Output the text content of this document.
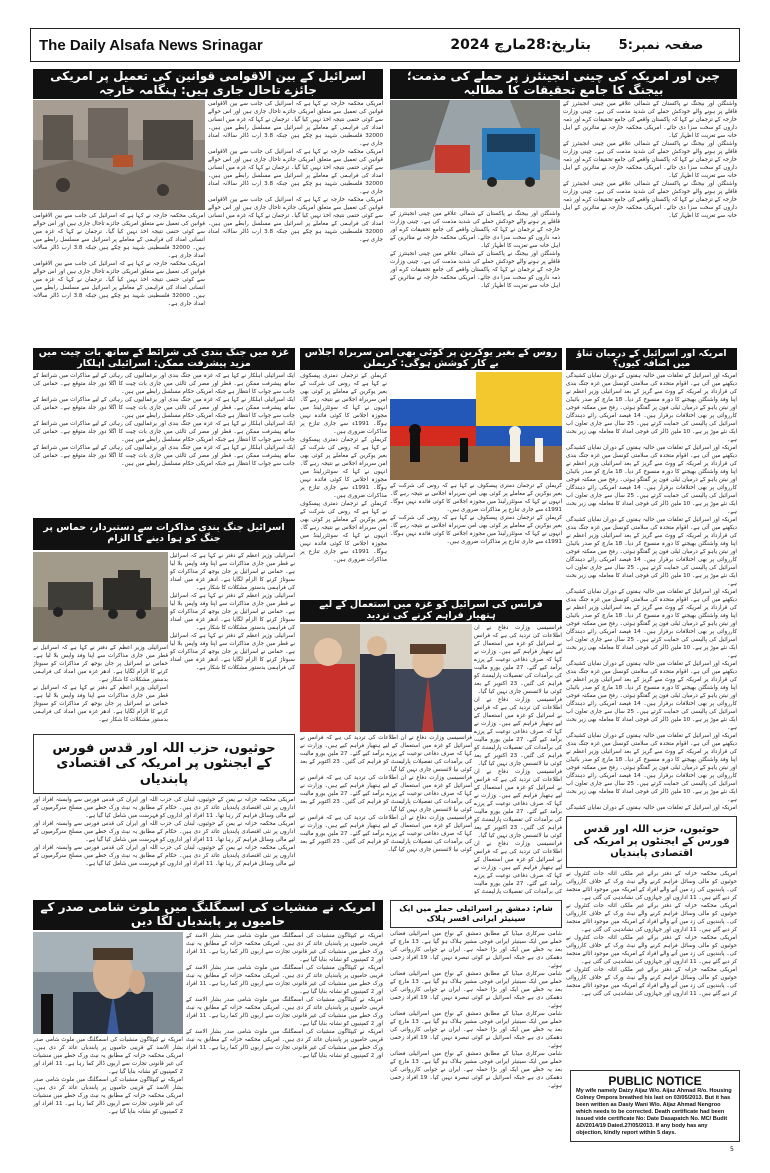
بتاریخ:28مارچ 2024	صفحہ نمبر:5
The Daily Alsafa News Srinagar
اسرائیل کے بین الاقوامی قوانین کی تعمیل پر امریکی جائزے تاحال جاری ہیں: ہنگامہ خارجہ

امریکی محکمہ خارجہ نے کہا ہے کہ اسرائیل کی جانب سے بین الاقوامی قوانین کی تعمیل سے متعلق امریکی جائزے تاحال جاری ہیں اور اس حوالے سے کوئی حتمی نتیجہ اخذ نہیں کیا گیا۔ ترجمان نے کہا کہ غزہ میں انسانی امداد کی فراہمی کے معاملے پر اسرائیل سے مسلسل رابطے میں ہیں۔ 32000 فلسطینی شہید ہو چکے ہیں جبکہ 3.8 ارب ڈالر سالانہ امداد جاری ہے۔

امریکی محکمہ خارجہ نے کہا ہے کہ اسرائیل کی جانب سے بین الاقوامی قوانین کی تعمیل سے متعلق امریکی جائزے تاحال جاری ہیں اور اس حوالے سے کوئی حتمی نتیجہ اخذ نہیں کیا گیا۔ ترجمان نے کہا کہ غزہ میں انسانی امداد کی فراہمی کے معاملے پر اسرائیل سے مسلسل رابطے میں ہیں۔ 32000 فلسطینی شہید ہو چکے ہیں جبکہ 3.8 ارب ڈالر سالانہ امداد جاری ہے۔

امریکی محکمہ خارجہ نے کہا ہے کہ اسرائیل کی جانب سے بین الاقوامی قوانین کی تعمیل سے متعلق امریکی جائزے تاحال جاری ہیں اور اس حوالے سے کوئی حتمی نتیجہ اخذ نہیں کیا گیا۔ ترجمان نے کہا کہ غزہ میں انسانی امداد کی فراہمی کے معاملے پر اسرائیل سے مسلسل رابطے میں ہیں۔ 32000 فلسطینی شہید ہو چکے ہیں جبکہ 3.8 ارب ڈالر سالانہ امداد جاری ہے۔

امریکی محکمہ خارجہ نے کہا ہے کہ اسرائیل کی جانب سے بین الاقوامی قوانین کی تعمیل سے متعلق امریکی جائزے تاحال جاری ہیں اور اس حوالے سے کوئی حتمی نتیجہ اخذ نہیں کیا گیا۔ ترجمان نے کہا کہ غزہ میں انسانی امداد کی فراہمی کے معاملے پر اسرائیل سے مسلسل رابطے میں ہیں۔ 32000 فلسطینی شہید ہو چکے ہیں جبکہ 3.8 ارب ڈالر سالانہ امداد جاری ہے۔

امریکی محکمہ خارجہ نے کہا ہے کہ اسرائیل کی جانب سے بین الاقوامی قوانین کی تعمیل سے متعلق امریکی جائزے تاحال جاری ہیں اور اس حوالے سے کوئی حتمی نتیجہ اخذ نہیں کیا گیا۔ ترجمان نے کہا کہ غزہ میں انسانی امداد کی فراہمی کے معاملے پر اسرائیل سے مسلسل رابطے میں ہیں۔ 32000 فلسطینی شہید ہو چکے ہیں جبکہ 3.8 ارب ڈالر سالانہ امداد جاری ہے۔

چین اور امریکہ کی چینی انجینئرز پر حملے کی مذمت؛ بیجنگ کا جامع تحقیقات کا مطالبہ

واشنگٹن اور بیجنگ نے پاکستان کے شمالی علاقے میں چینی انجینئرز کے قافلے پر ہونے والے خودکش حملے کی شدید مذمت کی ہے۔ چینی وزارت خارجہ کے ترجمان نے کہا کہ پاکستان واقعے کی جامع تحقیقات کرے اور ذمہ داروں کو سخت سزا دی جائے۔ امریکی محکمہ خارجہ نے متاثرین کے اہل خانہ سے تعزیت کا اظہار کیا۔

واشنگٹن اور بیجنگ نے پاکستان کے شمالی علاقے میں چینی انجینئرز کے قافلے پر ہونے والے خودکش حملے کی شدید مذمت کی ہے۔ چینی وزارت خارجہ کے ترجمان نے کہا کہ پاکستان واقعے کی جامع تحقیقات کرے اور ذمہ داروں کو سخت سزا دی جائے۔ امریکی محکمہ خارجہ نے متاثرین کے اہل خانہ سے تعزیت کا اظہار کیا۔

واشنگٹن اور بیجنگ نے پاکستان کے شمالی علاقے میں چینی انجینئرز کے قافلے پر ہونے والے خودکش حملے کی شدید مذمت کی ہے۔ چینی وزارت خارجہ کے ترجمان نے کہا کہ پاکستان واقعے کی جامع تحقیقات کرے اور ذمہ داروں کو سخت سزا دی جائے۔ امریکی محکمہ خارجہ نے متاثرین کے اہل خانہ سے تعزیت کا اظہار کیا۔

واشنگٹن اور بیجنگ نے پاکستان کے شمالی علاقے میں چینی انجینئرز کے قافلے پر ہونے والے خودکش حملے کی شدید مذمت کی ہے۔ چینی وزارت خارجہ کے ترجمان نے کہا کہ پاکستان واقعے کی جامع تحقیقات کرے اور ذمہ داروں کو سخت سزا دی جائے۔ امریکی محکمہ خارجہ نے متاثرین کے اہل خانہ سے تعزیت کا اظہار کیا۔

واشنگٹن اور بیجنگ نے پاکستان کے شمالی علاقے میں چینی انجینئرز کے قافلے پر ہونے والے خودکش حملے کی شدید مذمت کی ہے۔ چینی وزارت خارجہ کے ترجمان نے کہا کہ پاکستان واقعے کی جامع تحقیقات کرے اور ذمہ داروں کو سخت سزا دی جائے۔ امریکی محکمہ خارجہ نے متاثرین کے اہل خانہ سے تعزیت کا اظہار کیا۔

غزہ میں جنگ بندی کی شرائط کے ساتھ بات چیت میں مزید پیشرفت ممکن: اسرائیلی اہلکار

ایک اسرائیلی اہلکار نے کہا ہے کہ غزہ میں جنگ بندی اور یرغمالیوں کی رہائی کے لیے مذاکرات میں شرائط کے ساتھ پیشرفت ممکن ہے۔ قطر اور مصر کی ثالثی میں جاری بات چیت کا اگلا دور جلد متوقع ہے۔ حماس کی جانب سے جواب کا انتظار ہے جبکہ امریکی حکام مسلسل رابطے میں ہیں۔

ایک اسرائیلی اہلکار نے کہا ہے کہ غزہ میں جنگ بندی اور یرغمالیوں کی رہائی کے لیے مذاکرات میں شرائط کے ساتھ پیشرفت ممکن ہے۔ قطر اور مصر کی ثالثی میں جاری بات چیت کا اگلا دور جلد متوقع ہے۔ حماس کی جانب سے جواب کا انتظار ہے جبکہ امریکی حکام مسلسل رابطے میں ہیں۔

ایک اسرائیلی اہلکار نے کہا ہے کہ غزہ میں جنگ بندی اور یرغمالیوں کی رہائی کے لیے مذاکرات میں شرائط کے ساتھ پیشرفت ممکن ہے۔ قطر اور مصر کی ثالثی میں جاری بات چیت کا اگلا دور جلد متوقع ہے۔ حماس کی جانب سے جواب کا انتظار ہے جبکہ امریکی حکام مسلسل رابطے میں ہیں۔

ایک اسرائیلی اہلکار نے کہا ہے کہ غزہ میں جنگ بندی اور یرغمالیوں کی رہائی کے لیے مذاکرات میں شرائط کے ساتھ پیشرفت ممکن ہے۔ قطر اور مصر کی ثالثی میں جاری بات چیت کا اگلا دور جلد متوقع ہے۔ حماس کی جانب سے جواب کا انتظار ہے جبکہ امریکی حکام مسلسل رابطے میں ہیں۔

روس کے بغیر یوکرین پر کوئی بھی امن سربراہ اجلاس بے کار کوشش ہوگی: کریملن

کریملن کے ترجمان دمتری پیسکوف نے کہا ہے کہ روس کی شرکت کے بغیر یوکرین کے معاملے پر کوئی بھی امن سربراہ اجلاس بے نتیجہ رہے گا۔ انہوں نے کہا کہ سوئٹزرلینڈ میں مجوزہ اجلاس کا کوئی فائدہ نہیں ہوگا۔ 1991ء سے جاری تنازع پر مذاکرات ضروری ہیں۔

کریملن کے ترجمان دمتری پیسکوف نے کہا ہے کہ روس کی شرکت کے بغیر یوکرین کے معاملے پر کوئی بھی امن سربراہ اجلاس بے نتیجہ رہے گا۔ انہوں نے کہا کہ سوئٹزرلینڈ میں مجوزہ اجلاس کا کوئی فائدہ نہیں ہوگا۔ 1991ء سے جاری تنازع پر مذاکرات ضروری ہیں۔

کریملن کے ترجمان دمتری پیسکوف نے کہا ہے کہ روس کی شرکت کے بغیر یوکرین کے معاملے پر کوئی بھی امن سربراہ اجلاس بے نتیجہ رہے گا۔ انہوں نے کہا کہ سوئٹزرلینڈ میں مجوزہ اجلاس کا کوئی فائدہ نہیں ہوگا۔ 1991ء سے جاری تنازع پر مذاکرات ضروری ہیں۔

کریملن کے ترجمان دمتری پیسکوف نے کہا ہے کہ روس کی شرکت کے بغیر یوکرین کے معاملے پر کوئی بھی امن سربراہ اجلاس بے نتیجہ رہے گا۔ انہوں نے کہا کہ سوئٹزرلینڈ میں مجوزہ اجلاس کا کوئی فائدہ نہیں ہوگا۔ 1991ء سے جاری تنازع پر مذاکرات ضروری ہیں۔

کریملن کے ترجمان دمتری پیسکوف نے کہا ہے کہ روس کی شرکت کے بغیر یوکرین کے معاملے پر کوئی بھی امن سربراہ اجلاس بے نتیجہ رہے گا۔ انہوں نے کہا کہ سوئٹزرلینڈ میں مجوزہ اجلاس کا کوئی فائدہ نہیں ہوگا۔ 1991ء سے جاری تنازع پر مذاکرات ضروری ہیں۔

اسرائیل جنگ بندی مذاکرات سے دستبردار، حماس پر جنگ کو ہوا دینے کا الزام

اسرائیلی وزیر اعظم کے دفتر نے کہا ہے کہ اسرائیل نے قطر میں جاری مذاکرات سے اپنا وفد واپس بلا لیا ہے۔ حماس نے اسرائیل پر جان بوجھ کر مذاکرات کو سبوتاژ کرنے کا الزام لگایا ہے۔ ادھر غزہ میں امداد کی فراہمی بدستور مشکلات کا شکار ہے۔

اسرائیلی وزیر اعظم کے دفتر نے کہا ہے کہ اسرائیل نے قطر میں جاری مذاکرات سے اپنا وفد واپس بلا لیا ہے۔ حماس نے اسرائیل پر جان بوجھ کر مذاکرات کو سبوتاژ کرنے کا الزام لگایا ہے۔ ادھر غزہ میں امداد کی فراہمی بدستور مشکلات کا شکار ہے۔

اسرائیلی وزیر اعظم کے دفتر نے کہا ہے کہ اسرائیل نے قطر میں جاری مذاکرات سے اپنا وفد واپس بلا لیا ہے۔ حماس نے اسرائیل پر جان بوجھ کر مذاکرات کو سبوتاژ کرنے کا الزام لگایا ہے۔ ادھر غزہ میں امداد کی فراہمی بدستور مشکلات کا شکار ہے۔

اسرائیلی وزیر اعظم کے دفتر نے کہا ہے کہ اسرائیل نے قطر میں جاری مذاکرات سے اپنا وفد واپس بلا لیا ہے۔ حماس نے اسرائیل پر جان بوجھ کر مذاکرات کو سبوتاژ کرنے کا الزام لگایا ہے۔ ادھر غزہ میں امداد کی فراہمی بدستور مشکلات کا شکار ہے۔

اسرائیلی وزیر اعظم کے دفتر نے کہا ہے کہ اسرائیل نے قطر میں جاری مذاکرات سے اپنا وفد واپس بلا لیا ہے۔ حماس نے اسرائیل پر جان بوجھ کر مذاکرات کو سبوتاژ کرنے کا الزام لگایا ہے۔ ادھر غزہ میں امداد کی فراہمی بدستور مشکلات کا شکار ہے۔

فرانس کی اسرائیل کو غزہ میں استعمال کے لیے ہتھیار فراہم کرنے کی تردید

فرانسیسی وزارت دفاع نے ان اطلاعات کی تردید کی ہے کہ فرانس نے اسرائیل کو غزہ میں استعمال کے لیے ہتھیار فراہم کیے ہیں۔ وزارت نے کہا کہ صرف دفاعی نوعیت کے پرزے برآمد کیے گئے۔ 27 ملین یورو مالیت کی برآمدات کی تفصیلات پارلیمنٹ کو فراہم کی گئیں۔ 23 اکتوبر کے بعد کوئی نیا لائسنس جاری نہیں کیا گیا۔

فرانسیسی وزارت دفاع نے ان اطلاعات کی تردید کی ہے کہ فرانس نے اسرائیل کو غزہ میں استعمال کے لیے ہتھیار فراہم کیے ہیں۔ وزارت نے کہا کہ صرف دفاعی نوعیت کے پرزے برآمد کیے گئے۔ 27 ملین یورو مالیت کی برآمدات کی تفصیلات پارلیمنٹ کو فراہم کی گئیں۔ 23 اکتوبر کے بعد کوئی نیا لائسنس جاری نہیں کیا گیا۔

فرانسیسی وزارت دفاع نے ان اطلاعات کی تردید کی ہے کہ فرانس نے اسرائیل کو غزہ میں استعمال کے لیے ہتھیار فراہم کیے ہیں۔ وزارت نے کہا کہ صرف دفاعی نوعیت کے پرزے برآمد کیے گئے۔ 27 ملین یورو مالیت کی برآمدات کی تفصیلات پارلیمنٹ کو فراہم کی گئیں۔ 23 اکتوبر کے بعد کوئی نیا لائسنس جاری نہیں کیا گیا۔

فرانسیسی وزارت دفاع نے ان اطلاعات کی تردید کی ہے کہ فرانس نے اسرائیل کو غزہ میں استعمال کے لیے ہتھیار فراہم کیے ہیں۔ وزارت نے کہا کہ صرف دفاعی نوعیت کے پرزے برآمد کیے گئے۔ 27 ملین یورو مالیت کی برآمدات کی تفصیلات پارلیمنٹ کو

فرانسیسی وزارت دفاع نے ان اطلاعات کی تردید کی ہے کہ فرانس نے اسرائیل کو غزہ میں استعمال کے لیے ہتھیار فراہم کیے ہیں۔ وزارت نے کہا کہ صرف دفاعی نوعیت کے پرزے برآمد کیے گئے۔ 27 ملین یورو مالیت کی برآمدات کی تفصیلات پارلیمنٹ کو فراہم کی گئیں۔ 23 اکتوبر کے بعد کوئی نیا لائسنس جاری نہیں کیا گیا۔

فرانسیسی وزارت دفاع نے ان اطلاعات کی تردید کی ہے کہ فرانس نے اسرائیل کو غزہ میں استعمال کے لیے ہتھیار فراہم کیے ہیں۔ وزارت نے کہا کہ صرف دفاعی نوعیت کے پرزے برآمد کیے گئے۔ 27 ملین یورو مالیت کی برآمدات کی تفصیلات پارلیمنٹ کو فراہم کی گئیں۔ 23 اکتوبر کے بعد کوئی نیا لائسنس جاری نہیں کیا گیا۔

فرانسیسی وزارت دفاع نے ان اطلاعات کی تردید کی ہے کہ فرانس نے اسرائیل کو غزہ میں استعمال کے لیے ہتھیار فراہم کیے ہیں۔ وزارت نے کہا کہ صرف دفاعی نوعیت کے پرزے برآمد کیے گئے۔ 27 ملین یورو مالیت کی برآمدات کی تفصیلات پارلیمنٹ کو فراہم کی گئیں۔ 23 اکتوبر کے بعد کوئی نیا لائسنس جاری نہیں کیا گیا۔

حوثیوں، حزب اللہ اور قدس فورس کے ایجنٹوں پر امریکہ کی اقتصادی پابندیاں

امریکی محکمہ خزانہ نے یمن کے حوثیوں، لبنان کی حزب اللہ اور ایران کی قدس فورس سے وابستہ افراد اور اداروں پر نئی اقتصادی پابندیاں عائد کر دی ہیں۔ حکام کے مطابق یہ نیٹ ورک خطے میں مسلح سرگرمیوں کے لیے مالی وسائل فراہم کر رہا تھا۔ 11 افراد اور اداروں کو فہرست میں شامل کیا گیا ہے۔

امریکی محکمہ خزانہ نے یمن کے حوثیوں، لبنان کی حزب اللہ اور ایران کی قدس فورس سے وابستہ افراد اور اداروں پر نئی اقتصادی پابندیاں عائد کر دی ہیں۔ حکام کے مطابق یہ نیٹ ورک خطے میں مسلح سرگرمیوں کے لیے مالی وسائل فراہم کر رہا تھا۔ 11 افراد اور اداروں کو فہرست میں شامل کیا گیا ہے۔

امریکی محکمہ خزانہ نے یمن کے حوثیوں، لبنان کی حزب اللہ اور ایران کی قدس فورس سے وابستہ افراد اور اداروں پر نئی اقتصادی پابندیاں عائد کر دی ہیں۔ حکام کے مطابق یہ نیٹ ورک خطے میں مسلح سرگرمیوں کے لیے مالی وسائل فراہم کر رہا تھا۔ 11 افراد اور اداروں کو فہرست میں شامل کیا گیا ہے۔

امریکہ اور اسرائیل کے درمیان تناؤ میں اضافہ کیوں؟

امریکہ اور اسرائیل کے تعلقات میں حالیہ ہفتوں کے دوران نمایاں کشیدگی دیکھنے میں آئی ہے۔ اقوام متحدہ کی سلامتی کونسل میں غزہ جنگ بندی کی قرارداد پر امریکہ کے ووٹ سے گریز کے بعد اسرائیلی وزیر اعظم نے اپنا وفد واشنگٹن بھیجنے کا دورہ منسوخ کر دیا۔ 18 مارچ کو صدر بائیڈن اور نیتن یاہو کے درمیان ٹیلی فون پر گفتگو ہوئی۔ رفح میں ممکنہ فوجی کارروائی پر بھی اختلافات برقرار ہیں۔ 14 فیصد امریکی رائے دہندگان اسرائیل کی پالیسی کی حمایت کرتے ہیں۔ 25 سال سے جاری تعاون اب ایک نئے موڑ پر ہے۔ 10 ملین ڈالر کی فوجی امداد کا معاملہ بھی زیر بحث ہے۔

امریکہ اور اسرائیل کے تعلقات میں حالیہ ہفتوں کے دوران نمایاں کشیدگی دیکھنے میں آئی ہے۔ اقوام متحدہ کی سلامتی کونسل میں غزہ جنگ بندی کی قرارداد پر امریکہ کے ووٹ سے گریز کے بعد اسرائیلی وزیر اعظم نے اپنا وفد واشنگٹن بھیجنے کا دورہ منسوخ کر دیا۔ 18 مارچ کو صدر بائیڈن اور نیتن یاہو کے درمیان ٹیلی فون پر گفتگو ہوئی۔ رفح میں ممکنہ فوجی کارروائی پر بھی اختلافات برقرار ہیں۔ 14 فیصد امریکی رائے دہندگان اسرائیل کی پالیسی کی حمایت کرتے ہیں۔ 25 سال سے جاری تعاون اب ایک نئے موڑ پر ہے۔ 10 ملین ڈالر کی فوجی امداد کا معاملہ بھی زیر بحث ہے۔

امریکہ اور اسرائیل کے تعلقات میں حالیہ ہفتوں کے دوران نمایاں کشیدگی دیکھنے میں آئی ہے۔ اقوام متحدہ کی سلامتی کونسل میں غزہ جنگ بندی کی قرارداد پر امریکہ کے ووٹ سے گریز کے بعد اسرائیلی وزیر اعظم نے اپنا وفد واشنگٹن بھیجنے کا دورہ منسوخ کر دیا۔ 18 مارچ کو صدر بائیڈن اور نیتن یاہو کے درمیان ٹیلی فون پر گفتگو ہوئی۔ رفح میں ممکنہ فوجی کارروائی پر بھی اختلافات برقرار ہیں۔ 14 فیصد امریکی رائے دہندگان اسرائیل کی پالیسی کی حمایت کرتے ہیں۔ 25 سال سے جاری تعاون اب ایک نئے موڑ پر ہے۔ 10 ملین ڈالر کی فوجی امداد کا معاملہ بھی زیر بحث ہے۔

امریکہ اور اسرائیل کے تعلقات میں حالیہ ہفتوں کے دوران نمایاں کشیدگی دیکھنے میں آئی ہے۔ اقوام متحدہ کی سلامتی کونسل میں غزہ جنگ بندی کی قرارداد پر امریکہ کے ووٹ سے گریز کے بعد اسرائیلی وزیر اعظم نے اپنا وفد واشنگٹن بھیجنے کا دورہ منسوخ کر دیا۔ 18 مارچ کو صدر بائیڈن اور نیتن یاہو کے درمیان ٹیلی فون پر گفتگو ہوئی۔ رفح میں ممکنہ فوجی کارروائی پر بھی اختلافات برقرار ہیں۔ 14 فیصد امریکی رائے دہندگان اسرائیل کی پالیسی کی حمایت کرتے ہیں۔ 25 سال سے جاری تعاون اب ایک نئے موڑ پر ہے۔ 10 ملین ڈالر کی فوجی امداد کا معاملہ بھی زیر بحث ہے۔

امریکہ اور اسرائیل کے تعلقات میں حالیہ ہفتوں کے دوران نمایاں کشیدگی دیکھنے میں آئی ہے۔ اقوام متحدہ کی سلامتی کونسل میں غزہ جنگ بندی کی قرارداد پر امریکہ کے ووٹ سے گریز کے بعد اسرائیلی وزیر اعظم نے اپنا وفد واشنگٹن بھیجنے کا دورہ منسوخ کر دیا۔ 18 مارچ کو صدر بائیڈن اور نیتن یاہو کے درمیان ٹیلی فون پر گفتگو ہوئی۔ رفح میں ممکنہ فوجی کارروائی پر بھی اختلافات برقرار ہیں۔ 14 فیصد امریکی رائے دہندگان اسرائیل کی پالیسی کی حمایت کرتے ہیں۔ 25 سال سے جاری تعاون اب ایک نئے موڑ پر ہے۔ 10 ملین ڈالر کی فوجی امداد کا معاملہ بھی زیر بحث ہے۔

امریکہ اور اسرائیل کے تعلقات میں حالیہ ہفتوں کے دوران نمایاں کشیدگی دیکھنے میں آئی ہے۔ اقوام متحدہ کی سلامتی کونسل میں غزہ جنگ بندی کی قرارداد پر امریکہ کے ووٹ سے گریز کے بعد اسرائیلی وزیر اعظم نے اپنا وفد واشنگٹن بھیجنے کا دورہ منسوخ کر دیا۔ 18 مارچ کو صدر بائیڈن اور نیتن یاہو کے درمیان ٹیلی فون پر گفتگو ہوئی۔ رفح میں ممکنہ فوجی کارروائی پر بھی اختلافات برقرار ہیں۔ 14 فیصد امریکی رائے دہندگان اسرائیل کی پالیسی کی حمایت کرتے ہیں۔ 25 سال سے جاری تعاون اب ایک نئے موڑ پر ہے۔ 10 ملین ڈالر کی فوجی امداد کا معاملہ بھی زیر بحث ہے۔

امریکہ اور اسرائیل کے تعلقات میں حالیہ ہفتوں کے دوران نمایاں کشیدگی

حوثیوں، حزب اللہ اور قدس فورس کے ایجنٹوں پر امریکہ کی اقتصادی پابندیاں

امریکی محکمہ خزانہ کے دفتر برائے غیر ملکی اثاثہ جات کنٹرول نے حوثیوں کو مالی وسائل فراہم کرنے والے نیٹ ورک کے خلاف کارروائی کی۔ پابندیوں کی زد میں آنے والے افراد کے امریکہ میں موجود اثاثے منجمد کر دیے گئے ہیں۔ 11 اداروں اور جہازوں کی نشاندہی کی گئی ہے۔

امریکی محکمہ خزانہ کے دفتر برائے غیر ملکی اثاثہ جات کنٹرول نے حوثیوں کو مالی وسائل فراہم کرنے والے نیٹ ورک کے خلاف کارروائی کی۔ پابندیوں کی زد میں آنے والے افراد کے امریکہ میں موجود اثاثے منجمد کر دیے گئے ہیں۔ 11 اداروں اور جہازوں کی نشاندہی کی گئی ہے۔

امریکی محکمہ خزانہ کے دفتر برائے غیر ملکی اثاثہ جات کنٹرول نے حوثیوں کو مالی وسائل فراہم کرنے والے نیٹ ورک کے خلاف کارروائی کی۔ پابندیوں کی زد میں آنے والے افراد کے امریکہ میں موجود اثاثے منجمد کر دیے گئے ہیں۔ 11 اداروں اور جہازوں کی نشاندہی کی گئی ہے۔

امریکی محکمہ خزانہ کے دفتر برائے غیر ملکی اثاثہ جات کنٹرول نے حوثیوں کو مالی وسائل فراہم کرنے والے نیٹ ورک کے خلاف کارروائی کی۔ پابندیوں کی زد میں آنے والے افراد کے امریکہ میں موجود اثاثے منجمد کر دیے گئے ہیں۔ 11 اداروں اور جہازوں کی نشاندہی کی گئی ہے۔

امریکہ نے منشیات کی اسمگلنگ میں ملوث شامی صدر کے حامیوں پر پابندیاں لگا دیں

امریکہ نے کیپٹاگون منشیات کی اسمگلنگ میں ملوث شامی صدر بشار الاسد کے قریبی حامیوں پر پابندیاں عائد کر دی ہیں۔ امریکی محکمہ خزانہ کے مطابق یہ نیٹ ورک خطے میں منشیات کی غیر قانونی تجارت سے اربوں ڈالر کما رہا ہے۔ 11 افراد اور 2 کمپنیوں کو نشانہ بنایا گیا ہے۔

امریکہ نے کیپٹاگون منشیات کی اسمگلنگ میں ملوث شامی صدر بشار الاسد کے قریبی حامیوں پر پابندیاں عائد کر دی ہیں۔ امریکی محکمہ خزانہ کے مطابق یہ نیٹ ورک خطے میں منشیات کی غیر قانونی تجارت سے اربوں ڈالر کما رہا ہے۔ 11 افراد اور 2 کمپنیوں کو نشانہ بنایا گیا ہے۔

امریکہ نے کیپٹاگون منشیات کی اسمگلنگ میں ملوث شامی صدر بشار الاسد کے قریبی حامیوں پر پابندیاں عائد کر دی ہیں۔ امریکی محکمہ خزانہ کے مطابق یہ نیٹ ورک خطے میں منشیات کی غیر قانونی تجارت سے اربوں ڈالر کما رہا ہے۔ 11 افراد اور 2 کمپنیوں کو نشانہ بنایا گیا ہے۔

امریکہ نے کیپٹاگون منشیات کی اسمگلنگ میں ملوث شامی صدر بشار الاسد کے قریبی حامیوں پر پابندیاں عائد کر دی ہیں۔ امریکی محکمہ خزانہ کے مطابق یہ نیٹ ورک خطے میں منشیات کی غیر قانونی تجارت سے اربوں ڈالر کما رہا ہے۔ 11 افراد اور 2 کمپنیوں کو نشانہ بنایا گیا ہے۔

امریکہ نے کیپٹاگون منشیات کی اسمگلنگ میں ملوث شامی صدر بشار الاسد کے قریبی حامیوں پر پابندیاں عائد کر دی ہیں۔ امریکی محکمہ خزانہ کے مطابق یہ نیٹ ورک خطے میں منشیات کی غیر قانونی تجارت سے اربوں ڈالر کما رہا ہے۔ 11 افراد اور 2 کمپنیوں کو نشانہ بنایا گیا ہے۔

امریکہ نے کیپٹاگون منشیات کی اسمگلنگ میں ملوث شامی صدر بشار الاسد کے قریبی حامیوں پر پابندیاں عائد کر دی ہیں۔ امریکی محکمہ خزانہ کے مطابق یہ نیٹ ورک خطے میں منشیات کی غیر قانونی تجارت سے اربوں ڈالر کما رہا ہے۔ 11 افراد اور 2 کمپنیوں کو نشانہ بنایا گیا ہے۔

شام: دمشق پر اسرائیلی حملے میں ایک سینیئر ایرانی افسر ہلاک

شامی سرکاری میڈیا کے مطابق دمشق کے نواح میں اسرائیلی فضائی حملے میں ایک سینیئر ایرانی فوجی مشیر ہلاک ہو گیا ہے۔ 13 مارچ کے بعد یہ خطے میں ایک اور بڑا حملہ ہے۔ ایران نے جوابی کارروائی کی دھمکی دی ہے جبکہ اسرائیل نے کوئی تبصرہ نہیں کیا۔ 19 افراد زخمی ہوئے۔

شامی سرکاری میڈیا کے مطابق دمشق کے نواح میں اسرائیلی فضائی حملے میں ایک سینیئر ایرانی فوجی مشیر ہلاک ہو گیا ہے۔ 13 مارچ کے بعد یہ خطے میں ایک اور بڑا حملہ ہے۔ ایران نے جوابی کارروائی کی دھمکی دی ہے جبکہ اسرائیل نے کوئی تبصرہ نہیں کیا۔ 19 افراد زخمی ہوئے۔

شامی سرکاری میڈیا کے مطابق دمشق کے نواح میں اسرائیلی فضائی حملے میں ایک سینیئر ایرانی فوجی مشیر ہلاک ہو گیا ہے۔ 13 مارچ کے بعد یہ خطے میں ایک اور بڑا حملہ ہے۔ ایران نے جوابی کارروائی کی دھمکی دی ہے جبکہ اسرائیل نے کوئی تبصرہ نہیں کیا۔ 19 افراد زخمی ہوئے۔

شامی سرکاری میڈیا کے مطابق دمشق کے نواح میں اسرائیلی فضائی حملے میں ایک سینیئر ایرانی فوجی مشیر ہلاک ہو گیا ہے۔ 13 مارچ کے بعد یہ خطے میں ایک اور بڑا حملہ ہے۔ ایران نے جوابی کارروائی کی دھمکی دی ہے جبکہ اسرائیل نے کوئی تبصرہ نہیں کیا۔ 19 افراد زخمی ہوئے۔	PUBLIC NOTICE
My wife namely Daizy Aijaz W/o. Aijaz Ahmad R/o. Housing Colney Ompora breathed his last on 03/05/2013. But it has been written as Dasiy Wani W/o. Aijaz Ahmad Nengroo which needs to be corrected. Death certificate had been issued vide certificate No: Date Dasapatch No. MC/ Budit &D/2014/19 Dated.27/05/2013. If any body has any objection, kindly report within 5 days.
5
